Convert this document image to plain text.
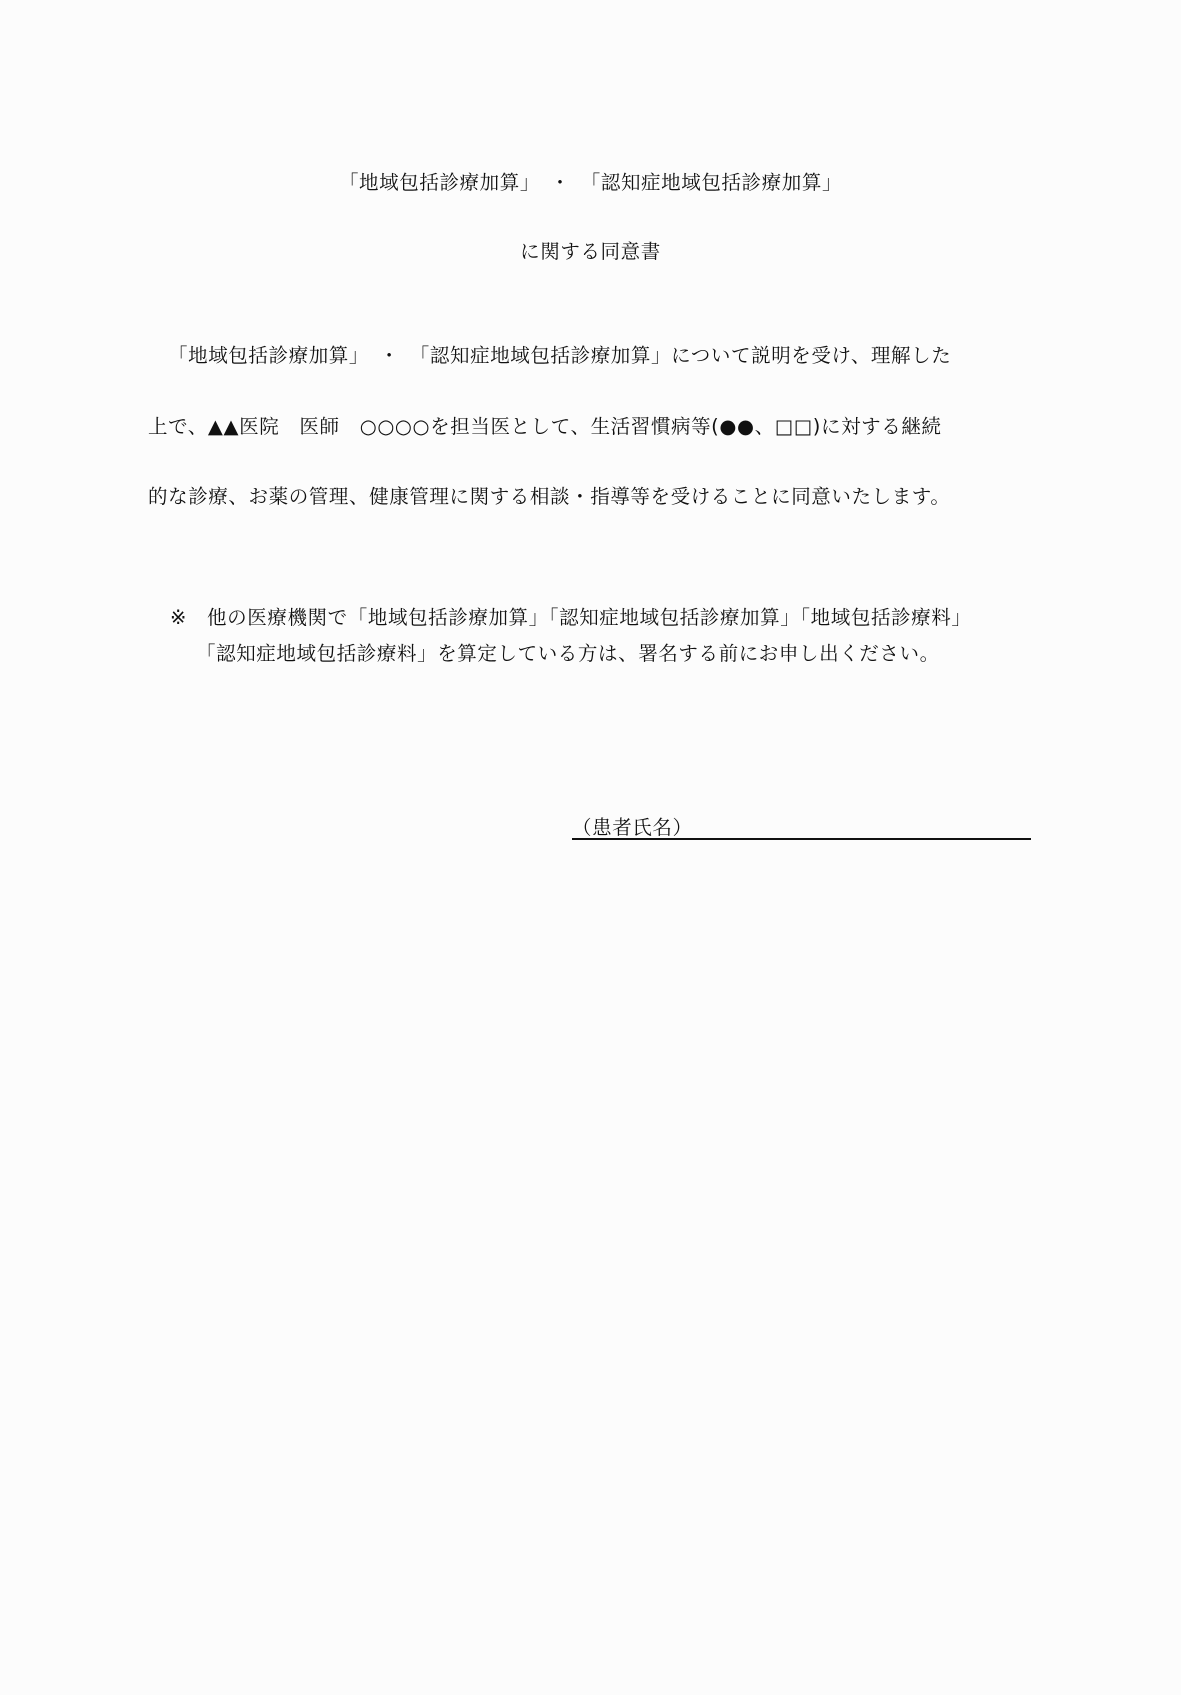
「地域包括診療加算」　・　「認知症地域包括診療加算」
に関する同意書
「地域包括診療加算」　・　「認知症地域包括診療加算」について説明を受け、理解した
上で、▲▲医院　医師　○○○○を担当医として、生活習慣病等(●●、□□)に対する継続
的な診療、お薬の管理、健康管理に関する相談・指導等を受けることに同意いたします。
※　他の医療機関で「地域包括診療加算」「認知症地域包括診療加算」「地域包括診療料」
「認知症地域包括診療料」を算定している方は、署名する前にお申し出ください。
（患者氏名）
